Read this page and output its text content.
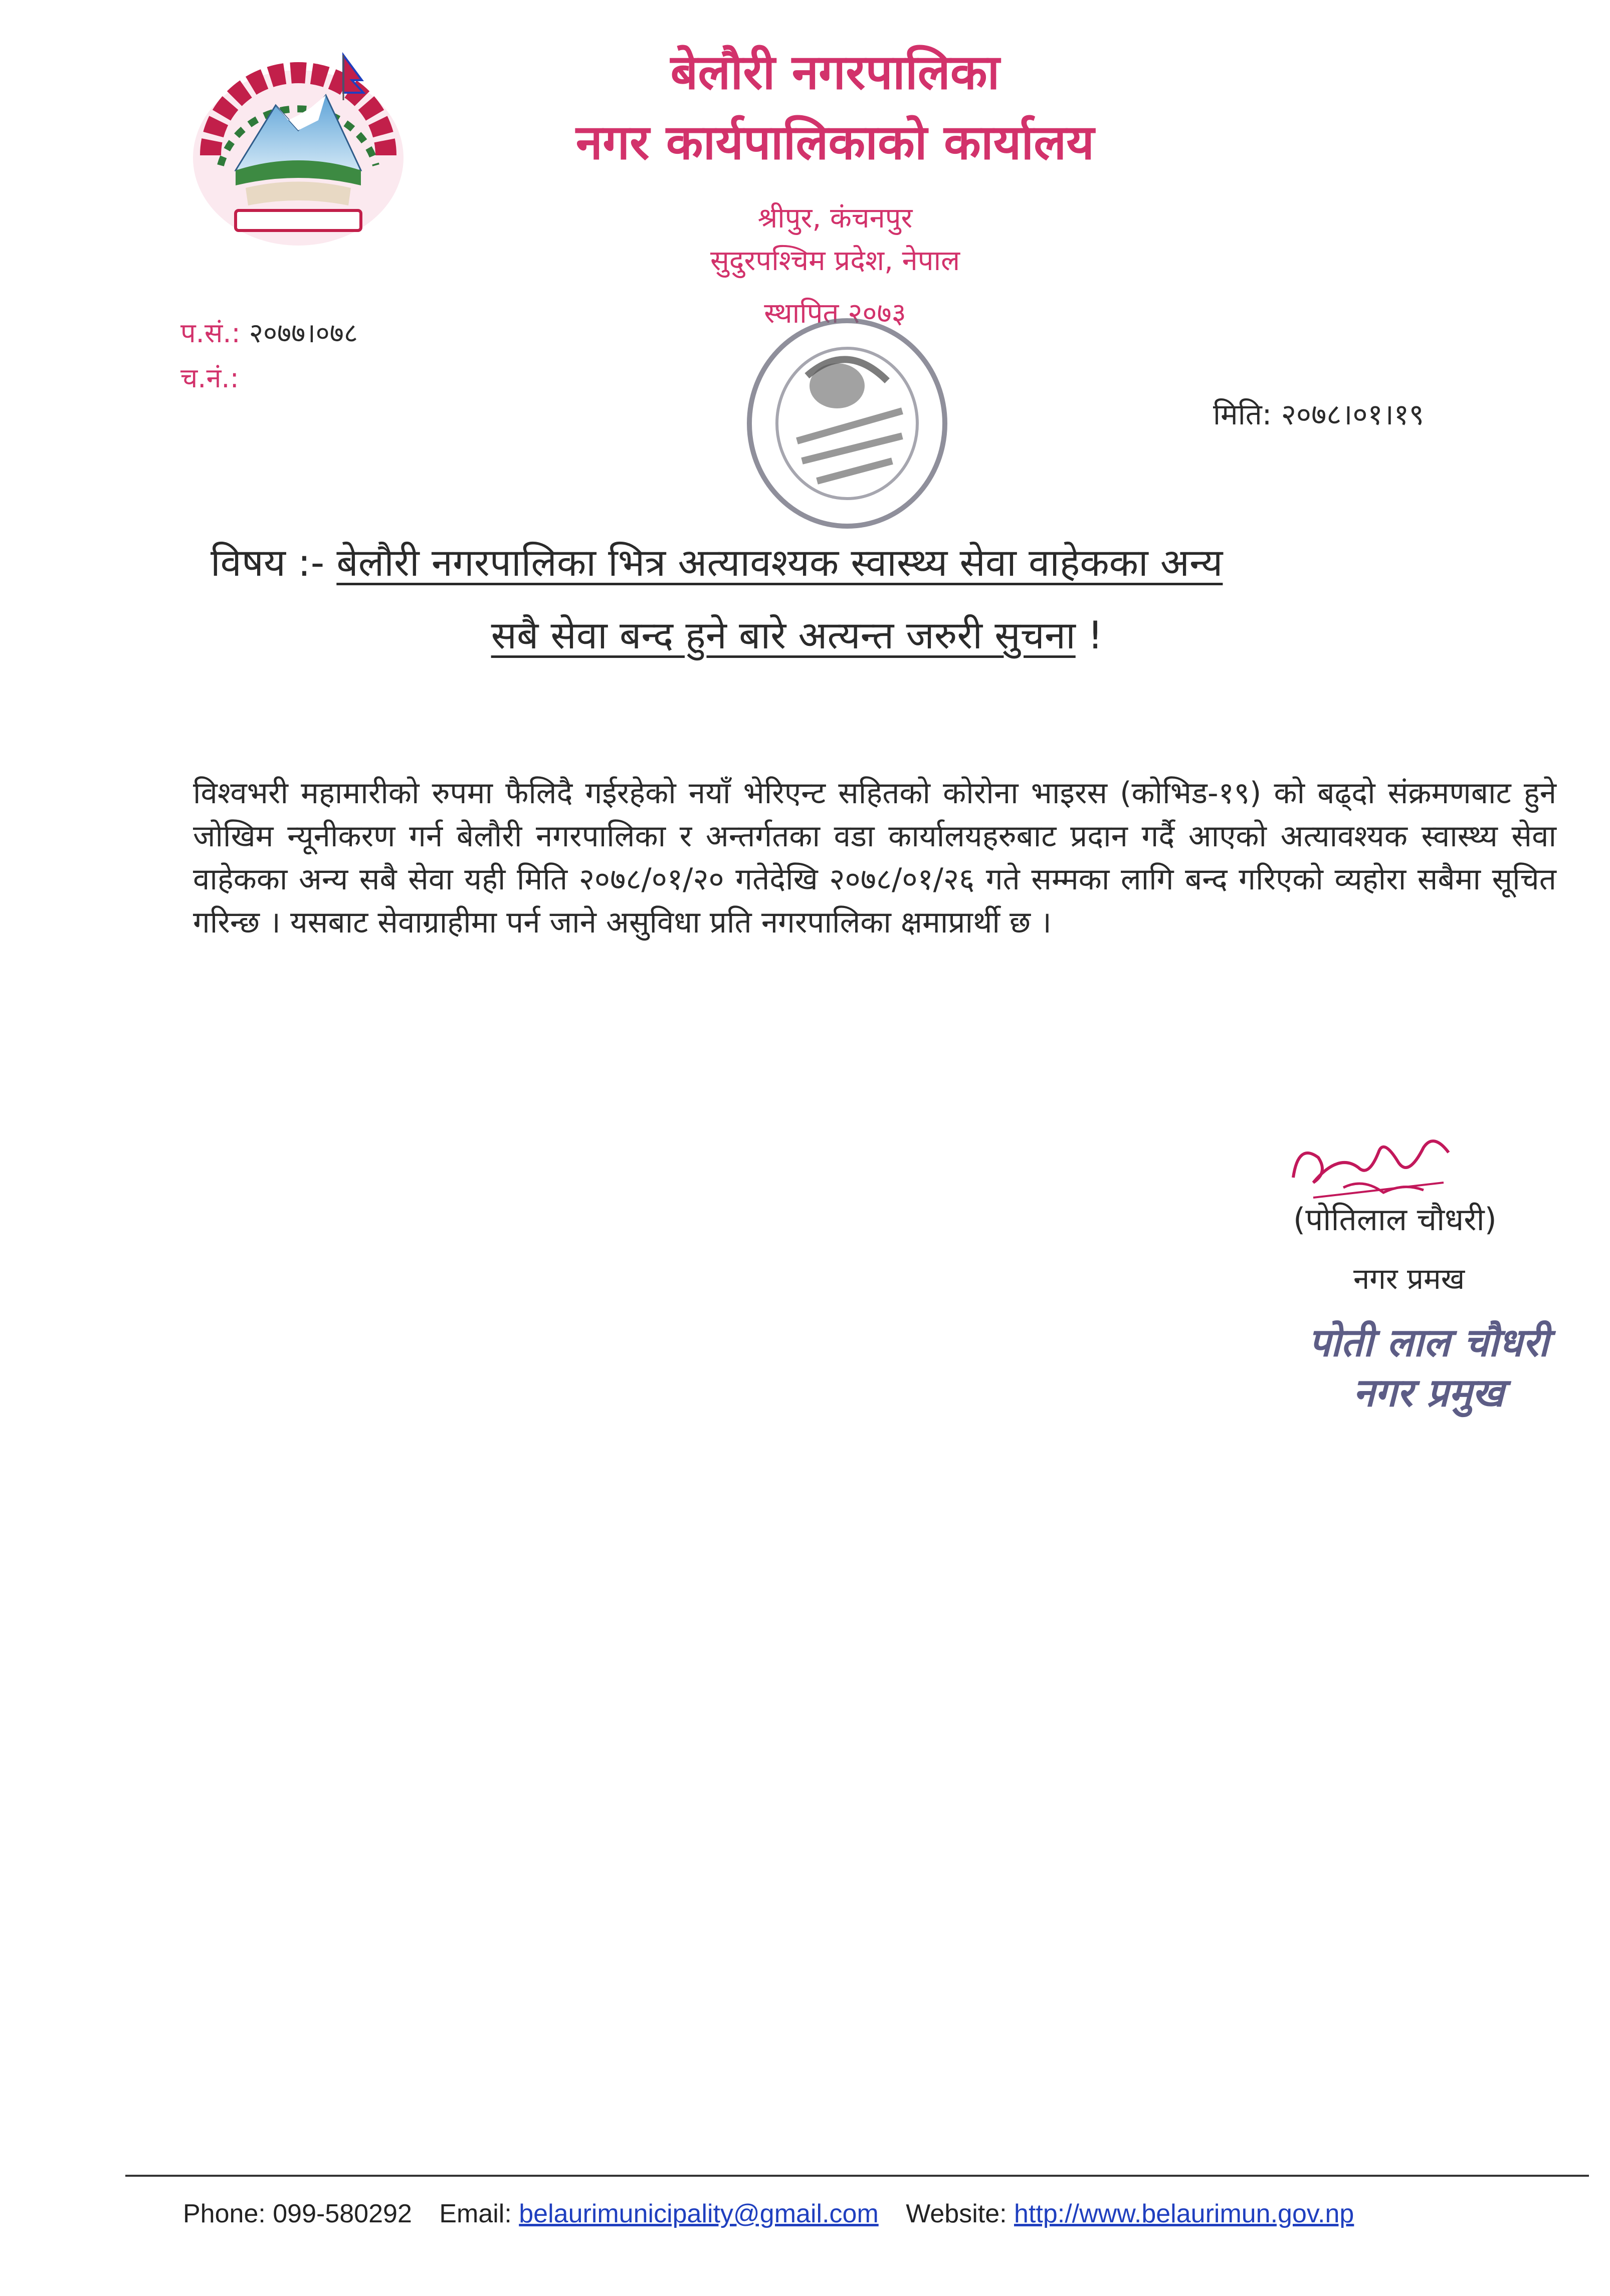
बेलौरी नगरपालिका
नगर कार्यपालिकाको कार्यालय
श्रीपुर, कंचनपुर
सुदुरपश्चिम प्रदेश, नेपाल
स्थापित २०७३
प.सं.: २०७७।०७८
च.नं.:
मिति: २०७८।०१।१९
विषय :- बेलौरी नगरपालिका भित्र अत्यावश्यक स्वास्थ्य सेवा वाहेकका अन्य
सबै सेवा बन्द हुने बारे अत्यन्त जरुरी सुचना !

विश्वभरी महामारीको रुपमा फैलिदै गईरहेको नयाँ भेरिएन्ट सहितको कोरोना भाइरस (कोभिड-१९) को बढ्दो संक्रमणबाट हुने जोखिम न्यूनीकरण गर्न बेलौरी नगरपालिका र अन्तर्गतका वडा कार्यालयहरुबाट प्रदान गर्दै आएको अत्यावश्यक स्वास्थ्य सेवा वाहेकका अन्य सबै सेवा यही मिति २०७८/०१/२० गतेदेखि २०७८/०१/२६ गते सम्मका लागि बन्द गरिएको व्यहोरा सबैमा सूचित गरिन्छ । यसबाट सेवाग्राहीमा पर्न जाने असुविधा प्रति नगरपालिका क्षमाप्रार्थी छ ।

(पोतिलाल चौधरी)
नगर प्रमख
पोती लाल चौधरी
नगर प्रमुख
Phone: 099-580292 Email: belaurimunicipality@gmail.com Website: http://www.belaurimun.gov.np
